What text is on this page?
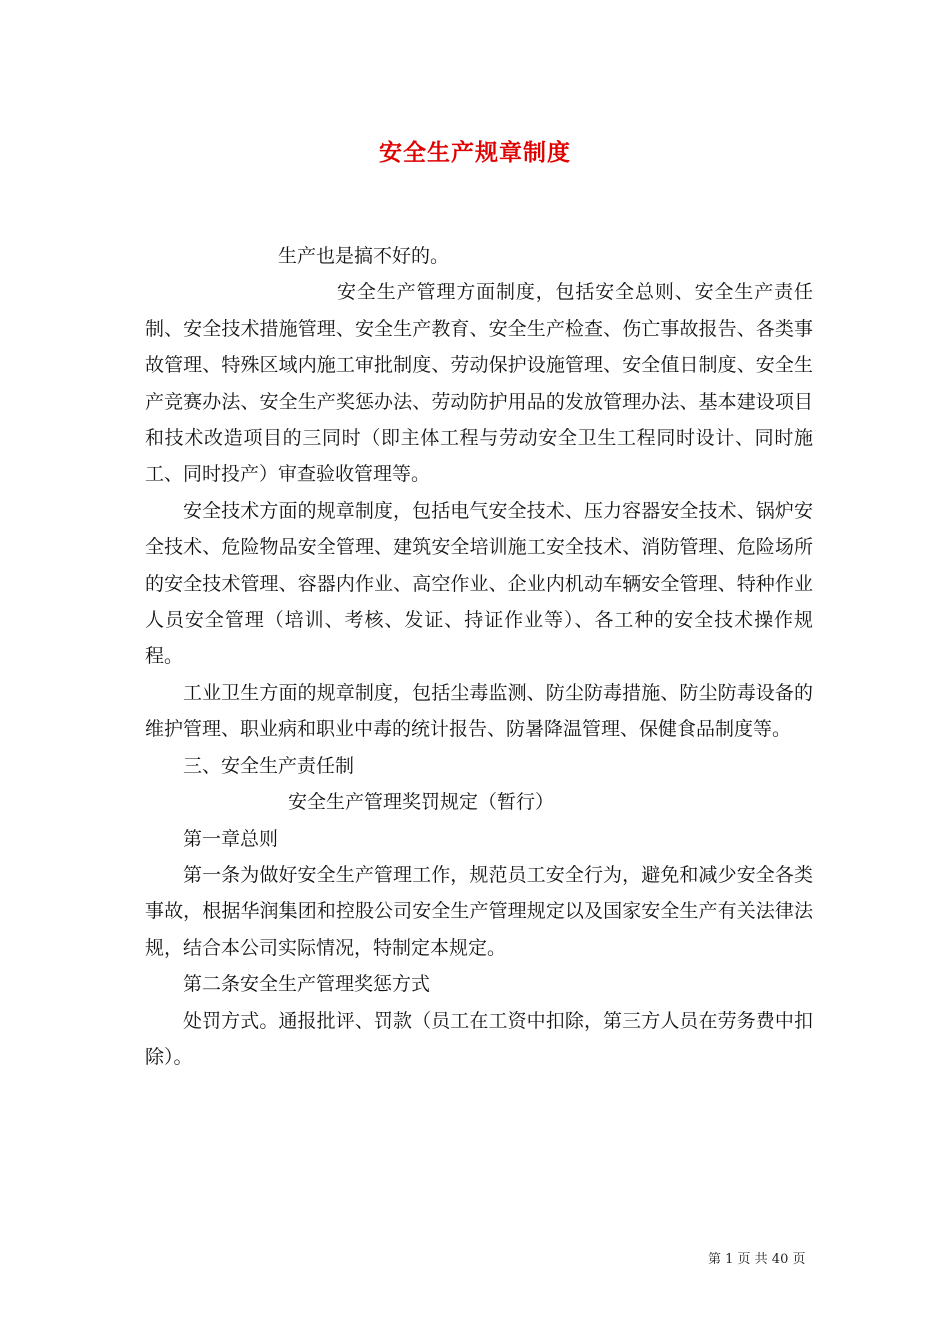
安全生产规章制度

生产也是搞不好的。

安全生产管理方面制度，包括安全总则、安全生产责任制、安全技术措施管理、安全生产教育、安全生产检查、伤亡事故报告、各类事故管理、特殊区域内施工审批制度、劳动保护设施管理、安全值日制度、安全生产竞赛办法、安全生产奖惩办法、劳动防护用品的发放管理办法、基本建设项目和技术改造项目的三同时（即主体工程与劳动安全卫生工程同时设计、同时施工、同时投产）审查验收管理等。

安全技术方面的规章制度，包括电气安全技术、压力容器安全技术、锅炉安全技术、危险物品安全管理、建筑安全培训施工安全技术、消防管理、危险场所的安全技术管理、容器内作业、高空作业、企业内机动车辆安全管理、特种作业人员安全管理（培训、考核、发证、持证作业等）、各工种的安全技术操作规程。

工业卫生方面的规章制度，包括尘毒监测、防尘防毒措施、防尘防毒设备的维护管理、职业病和职业中毒的统计报告、防暑降温管理、保健食品制度等。

三、安全生产责任制

安全生产管理奖罚规定（暂行）

第一章总则

第一条为做好安全生产管理工作，规范员工安全行为，避免和减少安全各类事故，根据华润集团和控股公司安全生产管理规定以及国家安全生产有关法律法规，结合本公司实际情况，特制定本规定。

第二条安全生产管理奖惩方式

处罚方式。通报批评、罚款（员工在工资中扣除，第三方人员在劳务费中扣除）。

第 1 页 共 40 页
